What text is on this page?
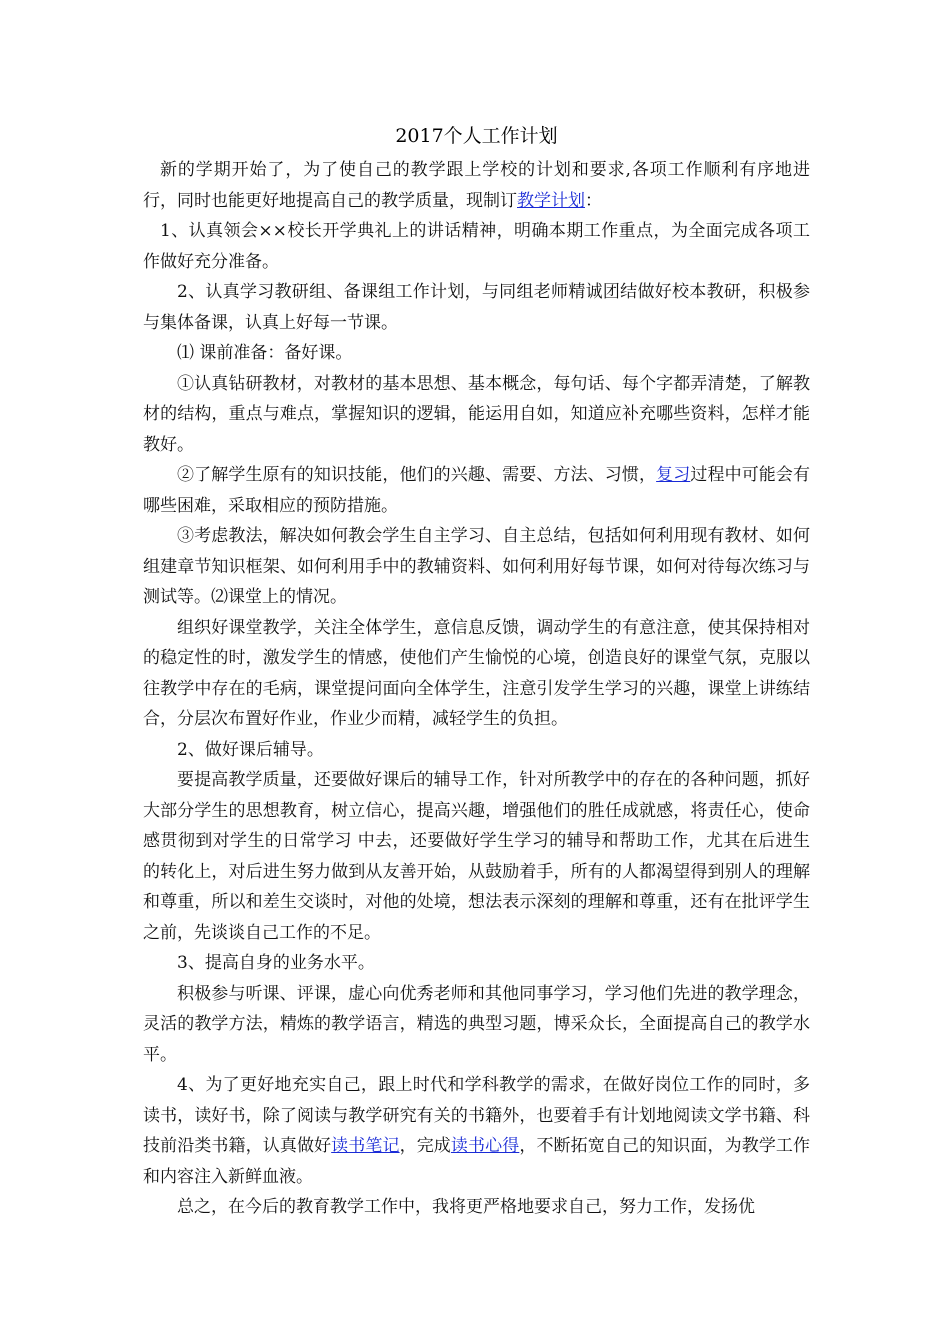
2017个人工作计划

新的学期开始了，为了使自己的教学跟上学校的计划和要求,各项工作顺利有序地进行，同时也能更好地提高自己的教学质量，现制订教学计划：

1、认真领会××校长开学典礼上的讲话精神，明确本期工作重点，为全面完成各项工作做好充分准备。

2、认真学习教研组、备课组工作计划，与同组老师精诚团结做好校本教研，积极参与集体备课，认真上好每一节课。

⑴ 课前准备：备好课。

①认真钻研教材，对教材的基本思想、基本概念，每句话、每个字都弄清楚，了解教材的结构，重点与难点，掌握知识的逻辑，能运用自如，知道应补充哪些资料，怎样才能教好。

②了解学生原有的知识技能，他们的兴趣、需要、方法、习惯，复习过程中可能会有哪些困难，采取相应的预防措施。

③考虑教法，解决如何教会学生自主学习、自主总结，包括如何利用现有教材、如何组建章节知识框架、如何利用手中的教辅资料、如何利用好每节课，如何对待每次练习与测试等。⑵课堂上的情况。

组织好课堂教学，关注全体学生，意信息反馈，调动学生的有意注意，使其保持相对的稳定性的时，激发学生的情感，使他们产生愉悦的心境，创造良好的课堂气氛，克服以往教学中存在的毛病，课堂提问面向全体学生，注意引发学生学习的兴趣，课堂上讲练结合，分层次布置好作业，作业少而精，减轻学生的负担。

2、做好课后辅导。

要提高教学质量，还要做好课后的辅导工作，针对所教学中的存在的各种问题，抓好大部分学生的思想教育，树立信心，提高兴趣，增强他们的胜任成就感，将责任心，使命感贯彻到对学生的日常学习 中去，还要做好学生学习的辅导和帮助工作，尤其在后进生的转化上，对后进生努力做到从友善开始，从鼓励着手，所有的人都渴望得到别人的理解和尊重，所以和差生交谈时，对他的处境，想法表示深刻的理解和尊重，还有在批评学生之前，先谈谈自己工作的不足。

3、提高自身的业务水平。

积极参与听课、评课，虚心向优秀老师和其他同事学习，学习他们先进的教学理念，灵活的教学方法，精炼的教学语言，精选的典型习题，博采众长，全面提高自己的教学水平。

4、为了更好地充实自己，跟上时代和学科教学的需求，在做好岗位工作的同时，多读书，读好书，除了阅读与教学研究有关的书籍外，也要着手有计划地阅读文学书籍、科技前沿类书籍，认真做好读书笔记，完成读书心得，不断拓宽自己的知识面，为教学工作和内容注入新鲜血液。

总之，在今后的教育教学工作中，我将更严格地要求自己，努力工作，发扬优
